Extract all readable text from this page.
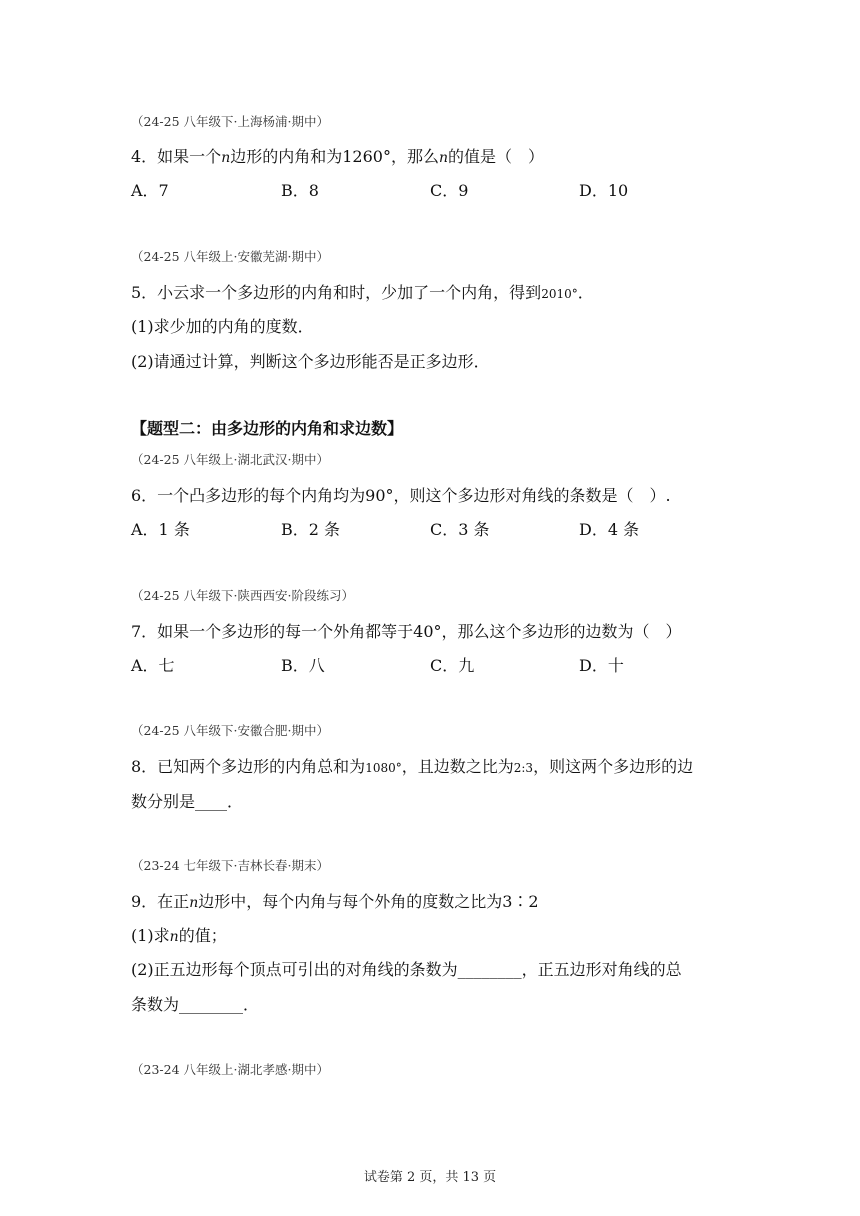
（24-25 八年级下·上海杨浦·期中）
4．如果一个n边形的内角和为1260°，那么n的值是（　）
A．7	B．8	C．9	D．10
（24-25 八年级上·安徽芜湖·期中）
5．小云求一个多边形的内角和时，少加了一个内角，得到2010°．
(1)求少加的内角的度数．
(2)请通过计算，判断这个多边形能否是正多边形．
【题型二：由多边形的内角和求边数】
（24-25 八年级上·湖北武汉·期中）
6．一个凸多边形的每个内角均为90°，则这个多边形对角线的条数是（　）.
A．1 条	B．2 条	C．3 条	D．4 条
（24-25 八年级下·陕西西安·阶段练习）
7．如果一个多边形的每一个外角都等于40°，那么这个多边形的边数为（　）
A．七	B．八	C．九	D．十
（24-25 八年级下·安徽合肥·期中）
8．已知两个多边形的内角总和为1080°，且边数之比为2:3，则这两个多边形的边
数分别是____．
（23-24 七年级下·吉林长春·期末）
9．在正n边形中，每个内角与每个外角的度数之比为3∶2
(1)求n的值；
(2)正五边形每个顶点可引出的对角线的条数为________，正五边形对角线的总
条数为________．
（23-24 八年级上·湖北孝感·期中）
试卷第 2 页，共 13 页
